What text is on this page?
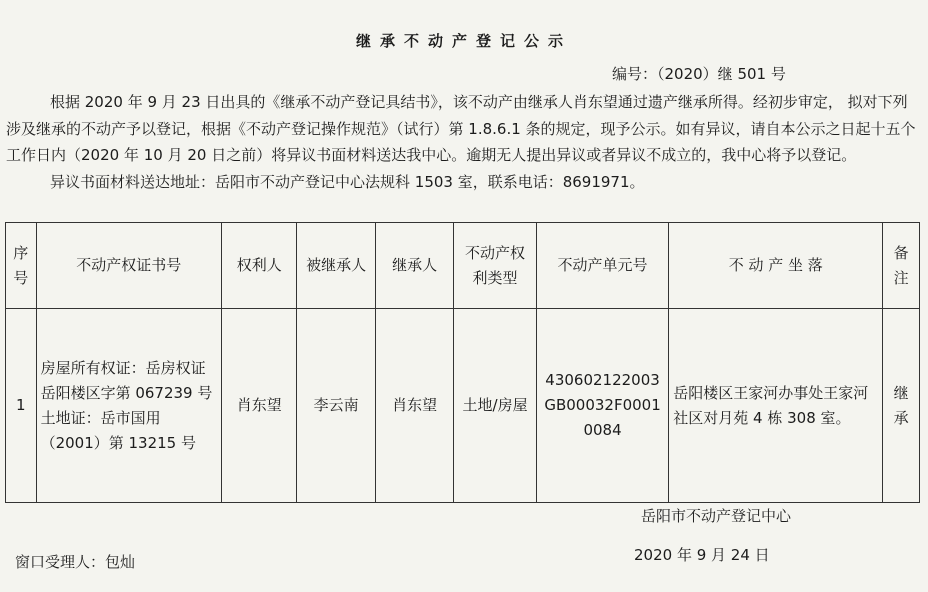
继承不动产登记公示
编号：（2020）继 501 号

根据 2020 年 9 月 23 日出具的《继承不动产登记具结书》，该不动产由继承人肖东望通过遗产继承所得。经初步审定， 拟对下列涉及继承的不动产予以登记，根据《不动产登记操作规范》（试行）第 1.8.6.1 条的规定，现予公示。如有异议，请自本公示之日起十五个工作日内（2020 年 10 月 20 日之前）将异议书面材料送达我中心。逾期无人提出异议或者异议不成立的，我中心将予以登记。

异议书面材料送达地址：岳阳市不动产登记中心法规科 1503 室，联系电话：8691971。

序号	不动产权证书号	权利人	被继承人	继承人	不动产权利类型	不动产单元号	不 动 产 坐 落	备注
1	房屋所有权证：岳房权证岳阳楼区字第 067239 号
土地证：岳市国用（2001）第 13215 号	肖东望	李云南	肖东望	土地/房屋	430602122003GB00032F00010084	岳阳楼区王家河办事处王家河社区对月苑 4 栋 308 室。	继承
岳阳市不动产登记中心
窗口受理人：包灿	2020 年 9 月 24 日
